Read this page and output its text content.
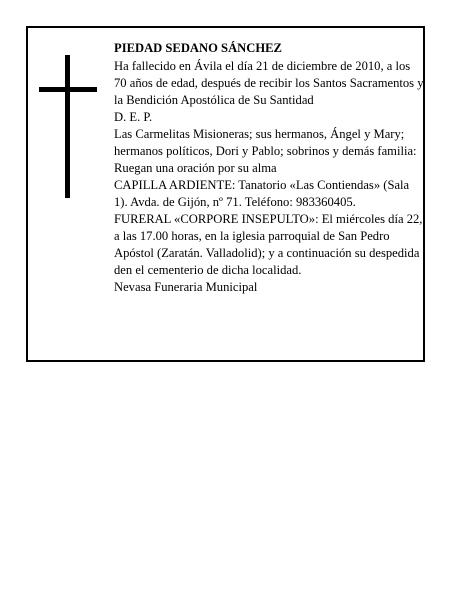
PIEDAD SEDANO SÁNCHEZ

Ha fallecido en Ávila el día 21 de diciembre de 2010, a los 70 años de edad, después de recibir los Santos Sacramentos y la Bendición Apostólica de Su Santidad

D. E. P.

Las Carmelitas Misioneras; sus hermanos, Ángel y Mary; hermanos políticos, Dori y Pablo; sobrinos y demás familia:

Ruegan una oración por su alma

CAPILLA ARDIENTE: Tanatorio «Las Contiendas» (Sala 1). Avda. de Gijón, nº 71. Teléfono: 983360405.

FURERAL «CORPORE INSEPULTO»: El miércoles día 22, a las 17.00 horas, en la iglesia parroquial de San Pedro Apóstol (Zaratán. Valladolid); y a continuación su despedida den el cementerio de dicha localidad.

Nevasa Funeraria Municipal
